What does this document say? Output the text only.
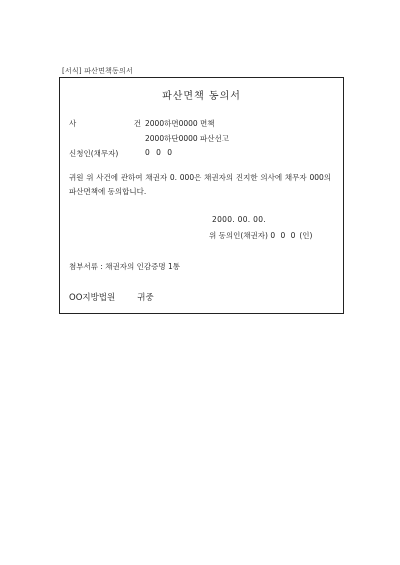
[서식] 파산면책동의서
파산면책 동의서
사	건 2000하면0000 면책
2000하단0000 파산선고
신청인(채무자)	0 0 0
귀원 위 사건에 관하여 채권자 0. 000은 채권자의 진지한 의사에 채무자 000의 파산면책에 동의합니다.
2000. 00. 00.
위 동의인(채권자) 0 0 0 (인)
첨부서류 : 채권자의 인감증명 1통
OO지방법원	귀중
